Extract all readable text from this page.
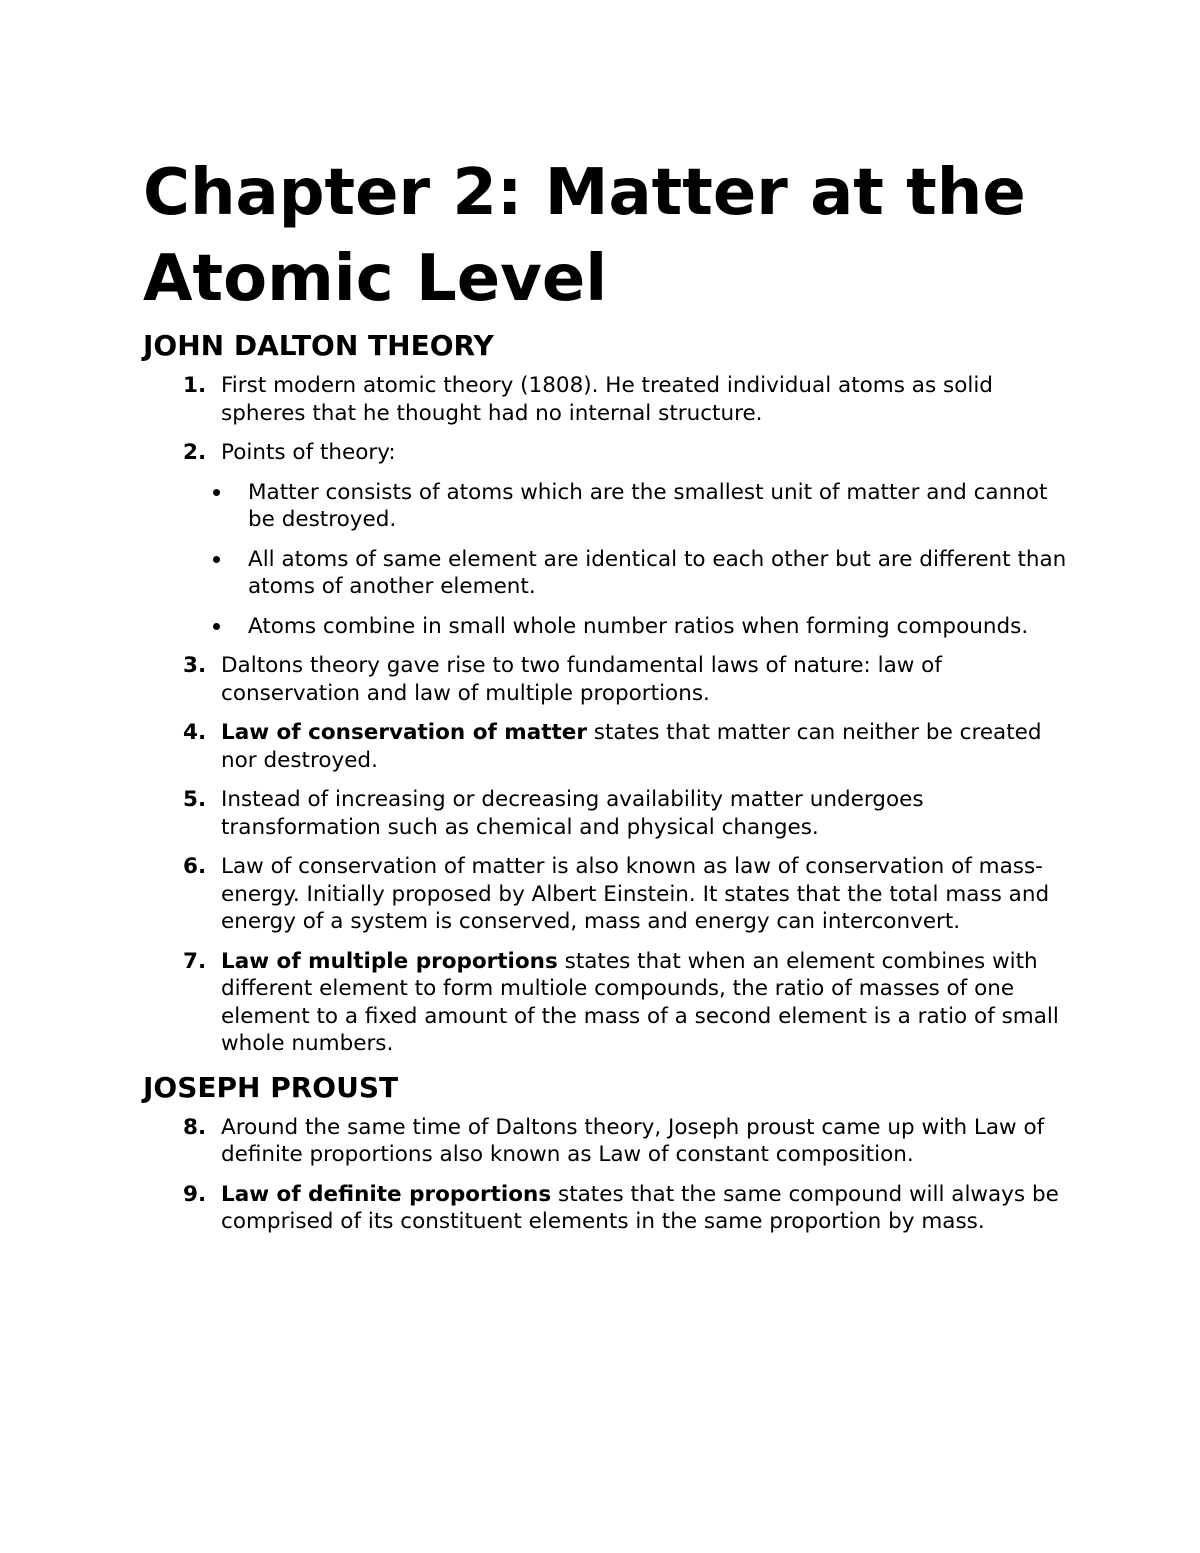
Chapter 2: Matter at the Atomic Level
JOHN DALTON THEORY
1. First modern atomic theory (1808). He treated individual atoms as solid spheres that he thought had no internal structure.
2. Points of theory:
Matter consists of atoms which are the smallest unit of matter and cannot be destroyed.
All atoms of same element are identical to each other but are different than atoms of another element.
Atoms combine in small whole number ratios when forming compounds.
3. Daltons theory gave rise to two fundamental laws of nature: law of conservation and law of multiple proportions.
4. Law of conservation of matter states that matter can neither be created nor destroyed.
5. Instead of increasing or decreasing availability matter undergoes transformation such as chemical and physical changes.
6. Law of conservation of matter is also known as law of conservation of mass-energy. Initially proposed by Albert Einstein. It states that the total mass and energy of a system is conserved, mass and energy can interconvert.
7. Law of multiple proportions states that when an element combines with different element to form multiole compounds, the ratio of masses of one element to a fixed amount of the mass of a second element is a ratio of small whole numbers.
JOSEPH PROUST
8. Around the same time of Daltons theory, Joseph proust came up with Law of definite proportions also known as Law of constant composition.
9. Law of definite proportions states that the same compound will always be comprised of its constituent elements in the same proportion by mass.
